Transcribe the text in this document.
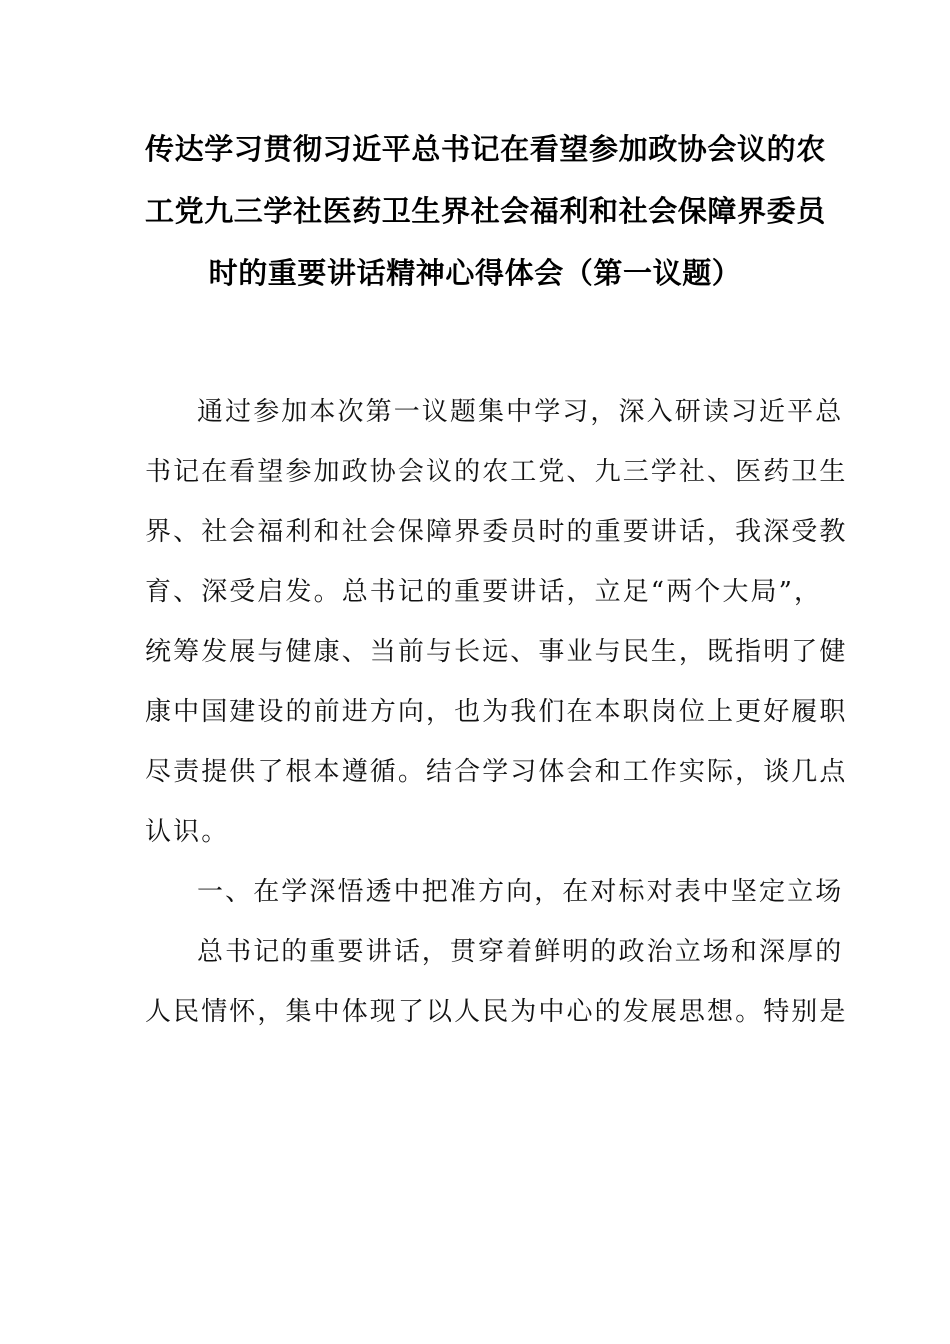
传达学习贯彻习近平总书记在看望参加政协会议的农
工党九三学社医药卫生界社会福利和社会保障界委员
时的重要讲话精神心得体会（第一议题）
通过参加本次第一议题集中学习，深入研读习近平总
书记在看望参加政协会议的农工党、九三学社、医药卫生
界、社会福利和社会保障界委员时的重要讲话，我深受教
育、深受启发。总书记的重要讲话，立足“两个大局”，
统筹发展与健康、当前与长远、事业与民生，既指明了健
康中国建设的前进方向，也为我们在本职岗位上更好履职
尽责提供了根本遵循。结合学习体会和工作实际，谈几点
认识。
一、在学深悟透中把准方向，在对标对表中坚定立场
总书记的重要讲话，贯穿着鲜明的政治立场和深厚的
人民情怀，集中体现了以人民为中心的发展思想。特别是
